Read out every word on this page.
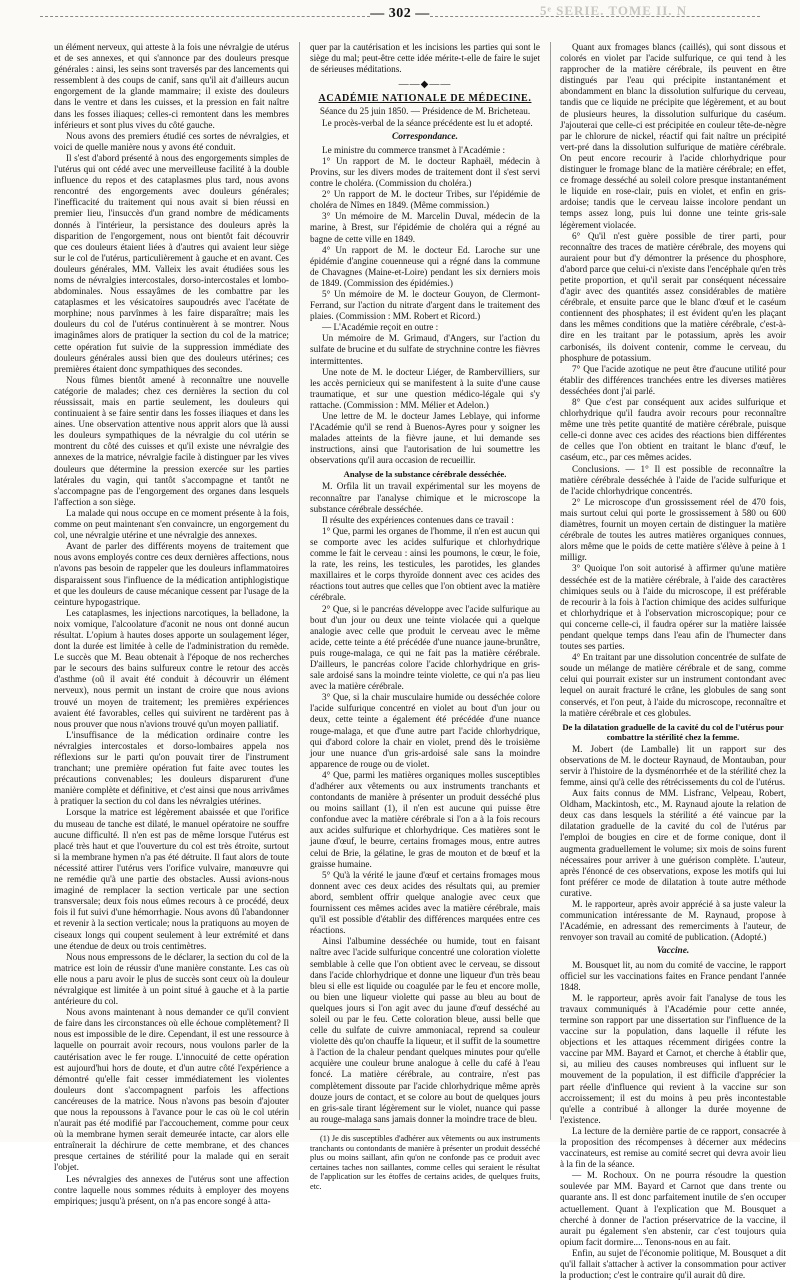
— 302 —	5ᵉ SERIE. TOME II. N

un élément nerveux, qui atteste à la fois une névralgie de utérus et de ses annexes, et qui s'annonce par des douleurs presque générales : ainsi, les seins sont traversés par des lancements qui ressemblent à des coups de canif, sans qu'il ait d'ailleurs aucun engorgement de la glande mammaire; il existe des douleurs dans le ventre et dans les cuisses, et la pression en fait naître dans les fosses iliaques; celles-ci remontent dans les membres inférieurs et sont plus vives du côté gauche.

Nous avons des premiers étudié ces sortes de névralgies, et voici de quelle manière nous y avons été conduit.

Il s'est d'abord présenté à nous des engorgements simples de l'utérus qui ont cédé avec une merveilleuse facilité à la double influence du repos et des cataplasmes plus tard, nous avons rencontré des engorgements avec douleurs générales; l'inefficacité du traitement qui nous avait si bien réussi en premier lieu, l'insuccès d'un grand nombre de médicaments donnés à l'intérieur, la persistance des douleurs après la disparition de l'engorgement, nous ont bientôt fait découvrir que ces douleurs étaient liées à d'autres qui avaient leur siège sur le col de l'utérus, particulièrement à gauche et en avant. Ces douleurs générales, MM. Valleix les avait étudiées sous les noms de névralgies intercostales, dorso-intercostales et lombo-abdominales. Nous essayâmes de les combattre par les cataplasmes et les vésicatoires saupoudrés avec l'acétate de morphine; nous parvînmes à les faire disparaître; mais les douleurs du col de l'utérus continuèrent à se montrer. Nous imaginâmes alors de pratiquer la section du col de la matrice; cette opération fut suivie de la suppression immédiate des douleurs générales aussi bien que des douleurs utérines; ces premières étaient donc sympathiques des secondes.

Nous fûmes bientôt amené à reconnaître une nouvelle catégorie de malades; chez ces dernières la section du col réussissait, mais en partie seulement, les douleurs qui continuaient à se faire sentir dans les fosses iliaques et dans les aines. Une observation attentive nous apprit alors que là aussi les douleurs sympathiques de la névralgie du col utérin se montrent du côté des cuisses et qu'il existe une névralgie des annexes de la matrice, névralgie facile à distinguer par les vives douleurs que détermine la pression exercée sur les parties latérales du vagin, qui tantôt s'accompagne et tantôt ne s'accompagne pas de l'engorgement des organes dans lesquels l'affection a son siège.

La malade qui nous occupe en ce moment présente à la fois, comme on peut maintenant s'en convaincre, un engorgement du col, une névralgie utérine et une névralgie des annexes.

Avant de parler des différents moyens de traitement que nous avons employés contre ces deux dernières affections, nous n'avons pas besoin de rappeler que les douleurs inflammatoires disparaissent sous l'influence de la médication antiphlogistique et que les douleurs de cause mécanique cessent par l'usage de la ceinture hypogastrique.

Les cataplasmes, les injections narcotiques, la belladone, la noix vomique, l'alcoolature d'aconit ne nous ont donné aucun résultat. L'opium à hautes doses apporte un soulagement léger, dont la durée est limitée à celle de l'administration du remède. Le succès que M. Beau obtenait à l'époque de nos recherches par le secours des bains sulfureux contre le retour des accès d'asthme (oû il avait été conduit à découvrir un élément nerveux), nous permit un instant de croire que nous avions trouvé un moyen de traitement; les premières expériences avaient été favorables, celles qui suivirent ne tardèrent pas à nous prouver que nous n'avions trouvé qu'un moyen palliatif.

L'insuffisance de la médication ordinaire contre les névralgies intercostales et dorso-lombaires appela nos réflexions sur le parti qu'on pouvait tirer de l'instrument tranchant; une première opération fut faite avec toutes les précautions convenables; les douleurs disparurent d'une manière complète et définitive, et c'est ainsi que nous arrivâmes à pratiquer la section du col dans les névralgies utérines.

Lorsque la matrice est légèrement abaissée et que l'orifice du museau de tanche est dilaté, le manuel opératoire ne souffre aucune difficulté. Il n'en est pas de même lorsque l'utérus est placé très haut et que l'ouverture du col est très étroite, surtout si la membrane hymen n'a pas été détruite. Il faut alors de toute nécessité attirer l'utérus vers l'orifice vulvaire, manœuvre qui ne remédie qu'à une partie des obstacles. Aussi avions-nous imaginé de remplacer la section verticale par une section transversale; deux fois nous eûmes recours à ce procédé, deux fois il fut suivi d'une hémorrhagie. Nous avons dû l'abandonner et revenir à la section verticale; nous la pratiquons au moyen de ciseaux longs qui coupent seulement à leur extrémité et dans une étendue de deux ou trois centimètres.

Nous nous empressons de le déclarer, la section du col de la matrice est loin de réussir d'une manière constante. Les cas où elle nous a paru avoir le plus de succès sont ceux où la douleur névralgique est limitée à un point situé à gauche et à la partie antérieure du col.

Nous avons maintenant à nous demander ce qu'il convient de faire dans les circonstances où elle échoue complètement? Il nous est impossible de le dire. Cependant, il est une ressource à laquelle on pourrait avoir recours, nous voulons parler de la cautérisation avec le fer rouge. L'innocuité de cette opération est aujourd'hui hors de doute, et d'un autre côté l'expérience a démontré qu'elle fait cesser immédiatement les violentes douleurs dont s'accompagnent parfois les affections cancéreuses de la matrice. Nous n'avons pas besoin d'ajouter que nous la repoussons à l'avance pour le cas où le col utérin n'aurait pas été modifié par l'accouchement, comme pour ceux où la membrane hymen serait demeurée intacte, car alors elle entraînerait la déchirure de cette membrane, et des chances presque certaines de stérilité pour la malade qui en serait l'objet.

Les névralgies des annexes de l'utérus sont une affection contre laquelle nous sommes réduits à employer des moyens empiriques; jusqu'à présent, on n'a pas encore songé à atta-

quer par la cautérisation et les incisions les parties qui sont le siège du mal; peut-être cette idée mérite-t-elle de faire le sujet de sérieuses méditations.

——◆——
ACADÉMIE NATIONALE DE MÉDECINE.

Séance du 25 juin 1850. — Présidence de M. Bricheteau.

Le procès-verbal de la séance précédente est lu et adopté.

Correspondance.

Le ministre du commerce transmet à l'Académie :

1° Un rapport de M. le docteur Raphaël, médecin à Provins, sur les divers modes de traitement dont il s'est servi contre le choléra. (Commission du choléra.)

2° Un rapport de M. le docteur Tribes, sur l'épidémie de choléra de Nîmes en 1849. (Même commission.)

3° Un mémoire de M. Marcelin Duval, médecin de la marine, à Brest, sur l'épidémie de choléra qui a régné au bagne de cette ville en 1849.

4° Un rapport de M. le docteur Ed. Laroche sur une épidémie d'angine couenneuse qui a régné dans la commune de Chavagnes (Maine-et-Loire) pendant les six derniers mois de 1849. (Commission des épidémies.)

5° Un mémoire de M. le docteur Gouyon, de Clermont-Ferrand, sur l'action du nitrate d'argent dans le traitement des plaies. (Commission : MM. Robert et Ricord.)

— L'Académie reçoit en outre :

Un mémoire de M. Grimaud, d'Angers, sur l'action du sulfate de brucine et du sulfate de strychnine contre les fièvres intermittentes.

Une note de M. le docteur Liéger, de Rambervilliers, sur les accès pernicieux qui se manifestent à la suite d'une cause traumatique, et sur une question médico-légale qui s'y rattache. (Commission : MM. Mélier et Adelon.)

Une lettre de M. le docteur James Leblaye, qui informe l'Académie qu'il se rend à Buenos-Ayres pour y soigner les malades atteints de la fièvre jaune, et lui demande ses instructions, ainsi que l'autorisation de lui soumettre les observations qu'il aura occasion de recueillir.

Analyse de la substance cérébrale desséchée.

M. Orfila lit un travail expérimental sur les moyens de reconnaître par l'analyse chimique et le microscope la substance cérébrale desséchée.

Il résulte des expériences contenues dans ce travail :

1° Que, parmi les organes de l'homme, il n'en est aucun qui se comporte avec les acides sulfurique et chlorhydrique comme le fait le cerveau : ainsi les poumons, le cœur, le foie, la rate, les reins, les testicules, les parotides, les glandes maxillaires et le corps thyroïde donnent avec ces acides des réactions tout autres que celles que l'on obtient avec la matière cérébrale.

2° Que, si le pancréas développe avec l'acide sulfurique au bout d'un jour ou deux une teinte violacée qui a quelque analogie avec celle que produit le cerveau avec le même acide, cette teinte a été précédée d'une nuance jaune-brunâtre, puis rouge-malaga, ce qui ne fait pas la matière cérébrale. D'ailleurs, le pancréas colore l'acide chlorhydrique en gris-sale ardoisé sans la moindre teinte violette, ce qui n'a pas lieu avec la matière cérébrale.

3° Que, si la chair musculaire humide ou desséchée colore l'acide sulfurique concentré en violet au bout d'un jour ou deux, cette teinte a également été précédée d'une nuance rouge-malaga, et que d'une autre part l'acide chlorhydrique, qui d'abord colore la chair en violet, prend dès le troisième jour une nuance d'un gris-ardoisé sale sans la moindre apparence de rouge ou de violet.

4° Que, parmi les matières organiques molles susceptibles d'adhérer aux vêtements ou aux instruments tranchants et contondants de manière à présenter un produit desséché plus ou moins saillant (1), il n'en est aucune qui puisse être confondue avec la matière cérébrale si l'on a à la fois recours aux acides sulfurique et chlorhydrique. Ces matières sont le jaune d'œuf, le beurre, certains fromages mous, entre autres celui de Brie, la gélatine, le gras de mouton et de bœuf et la graisse humaine.

5° Qu'à la vérité le jaune d'œuf et certains fromages mous donnent avec ces deux acides des résultats qui, au premier abord, semblent offrir quelque analogie avec ceux que fournissent ces mêmes acides avec la matière cérébrale, mais qu'il est possible d'établir des différences marquées entre ces réactions.

Ainsi l'albumine desséchée ou humide, tout en faisant naître avec l'acide sulfurique concentré une coloration violette semblable à celle que l'on obtient avec le cerveau, se dissout dans l'acide chlorhydrique et donne une liqueur d'un très beau bleu si elle est liquide ou coagulée par le feu et encore molle, ou bien une liqueur violette qui passe au bleu au bout de quelques jours si l'on agit avec du jaune d'œuf desséché au soleil ou par le feu. Cette coloration bleue, aussi belle que celle du sulfate de cuivre ammoniacal, reprend sa couleur violette dès qu'on chauffe la liqueur, et il suffit de la soumettre à l'action de la chaleur pendant quelques minutes pour qu'elle acquière une couleur brune analogue à celle du café à l'eau foncé. La matière cérébrale, au contraire, n'est pas complètement dissoute par l'acide chlorhydrique même après douze jours de contact, et se colore au bout de quelques jours en gris-sale tirant légèrement sur le violet, nuance qui passe au rouge-malaga sans jamais donner la moindre trace de bleu.

(1) Je dis susceptibles d'adhérer aux vêtements ou aux instruments tranchants ou contondants de manière à présenter un produit desséché plus ou moins saillant, afin qu'on ne confonde pas ce produit avec certaines taches non saillantes, comme celles qui seraient le résultat de l'application sur les étoffes de certains acides, de quelques fruits, etc.

Quant aux fromages blancs (caillés), qui sont dissous et colorés en violet par l'acide sulfurique, ce qui tend à les rapprocher de la matière cérébrale, ils peuvent en être distingués par l'eau qui précipite instantanément et abondamment en blanc la dissolution sulfurique du cerveau, tandis que ce liquide ne précipite que légèrement, et au bout de plusieurs heures, la dissolution sulfurique du caséum. J'ajouterai que celle-ci est précipitée en couleur tête-de-nègre par le chlorure de nickel, réactif qui fait naître un précipité vert-pré dans la dissolution sulfurique de matière cérébrale. On peut encore recourir à l'acide chlorhydrique pour distinguer le fromage blanc de la matière cérébrale; en effet, ce fromage desséché au soleil colore presque instantanément le liquide en rose-clair, puis en violet, et enfin en gris-ardoise; tandis que le cerveau laisse incolore pendant un temps assez long, puis lui donne une teinte gris-sale légèrement violacée.

6° Qu'il n'est guère possible de tirer parti, pour reconnaître des traces de matière cérébrale, des moyens qui auraient pour but d'y démontrer la présence du phosphore, d'abord parce que celui-ci n'existe dans l'encéphale qu'en très petite proportion, et qu'il serait par conséquent nécessaire d'agir avec des quantités assez considérables de matière cérébrale, et ensuite parce que le blanc d'œuf et le caséum contiennent des phosphates; il est évident qu'en les plaçant dans les mêmes conditions que la matière cérébrale, c'est-à-dire en les traitant par le potassium, après les avoir carbonisés, ils doivent contenir, comme le cerveau, du phosphure de potassium.

7° Que l'acide azotique ne peut être d'aucune utilité pour établir des différences tranchées entre les diverses matières desséchées dont j'ai parlé.

8° Que c'est par conséquent aux acides sulfurique et chlorhydrique qu'il faudra avoir recours pour reconnaître même une très petite quantité de matière cérébrale, puisque celle-ci donne avec ces acides des réactions bien différentes de celles que l'on obtient en traitant le blanc d'œuf, le caséum, etc., par ces mêmes acides.

Conclusions. — 1° Il est possible de reconnaître la matière cérébrale desséchée à l'aide de l'acide sulfurique et de l'acide chlorhydrique concentrés.

2° Le microscope d'un grossissement réel de 470 fois, mais surtout celui qui porte le grossissement à 580 ou 600 diamètres, fournit un moyen certain de distinguer la matière cérébrale de toutes les autres matières organiques connues, alors même que le poids de cette matière s'élève à peine à 1 milligr.

3° Quoique l'on soit autorisé à affirmer qu'une matière desséchée est de la matière cérébrale, à l'aide des caractères chimiques seuls ou à l'aide du microscope, il est préférable de recourir à la fois à l'action chimique des acides sulfurique et chlorhydrique et à l'observation microscopique; pour ce qui concerne celle-ci, il faudra opérer sur la matière laissée pendant quelque temps dans l'eau afin de l'humecter dans toutes ses parties.

4° En traitant par une dissolution concentrée de sulfate de soude un mélange de matière cérébrale et de sang, comme celui qui pourrait exister sur un instrument contondant avec lequel on aurait fracturé le crâne, les globules de sang sont conservés, et l'on peut, à l'aide du microscope, reconnaître et la matière cérébrale et ces globules.

De la dilatation graduelle de la cavité du col de l'utérus pour combattre la stérilité chez la femme.

M. Jobert (de Lamballe) lit un rapport sur des observations de M. le docteur Raynaud, de Montauban, pour servir à l'histoire de la dysménorrhée et de la stérilité chez la femme, ainsi qu'à celle des rétrécissements du col de l'utérus.

Aux faits connus de MM. Lisfranc, Velpeau, Robert, Oldham, Mackintosh, etc., M. Raynaud ajoute la relation de deux cas dans lesquels la stérilité a été vaincue par la dilatation graduelle de la cavité du col de l'utérus par l'emploi de bougies en cire et de forme conique, dont il augmenta graduellement le volume; six mois de soins furent nécessaires pour arriver à une guérison complète. L'auteur, après l'énoncé de ces observations, expose les motifs qui lui font préférer ce mode de dilatation à toute autre méthode curative.

M. le rapporteur, après avoir apprécié à sa juste valeur la communication intéressante de M. Raynaud, propose à l'Académie, en adressant des remerciments à l'auteur, de renvoyer son travail au comité de publication. (Adopté.)

Vaccine.

M. Bousquet lit, au nom du comité de vaccine, le rapport officiel sur les vaccinations faites en France pendant l'année 1848.

M. le rapporteur, après avoir fait l'analyse de tous les travaux communiqués à l'Académie pour cette année, termine son rapport par une dissertation sur l'influence de la vaccine sur la population, dans laquelle il réfute les objections et les attaques récemment dirigées contre la vaccine par MM. Bayard et Carnot, et cherche à établir que, si, au milieu des causes nombreuses qui influent sur le mouvement de la population, il est difficile d'apprécier la part réelle d'influence qui revient à la vaccine sur son accroissement; il est du moins à peu près incontestable qu'elle a contribué à allonger la durée moyenne de l'existence.

La lecture de la dernière partie de ce rapport, consacrée à la proposition des récompenses à décerner aux médecins vaccinateurs, est remise au comité secret qui devra avoir lieu à la fin de la séance.

— M. Rochoux. On ne pourra résoudre la question soulevée par MM. Bayard et Carnot que dans trente ou quarante ans. Il est donc parfaitement inutile de s'en occuper actuellement. Quant à l'explication que M. Bousquet a cherché à donner de l'action préservatrice de la vaccine, il aurait pu également s'en abstenir, car c'est toujours quia opium facit dormire.... Tenons-nous en au fait.

Enfin, au sujet de l'économie politique, M. Bousquet a dit qu'il fallait s'attacher à activer la consommation pour activer la production; c'est le contraire qu'il aurait dû dire.
